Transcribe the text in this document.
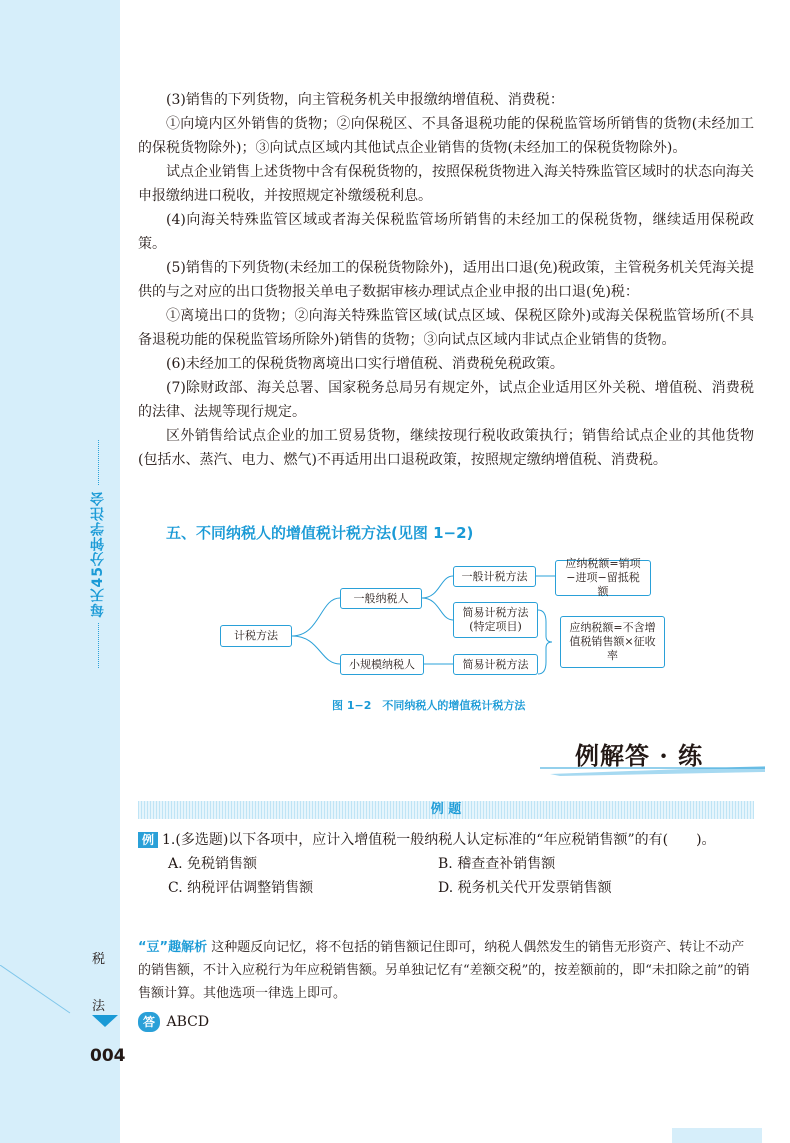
每天45分钟学注会
税
法
004

(3)销售的下列货物，向主管税务机关申报缴纳增值税、消费税：

①向境内区外销售的货物；②向保税区、不具备退税功能的保税监管场所销售的货物(未经加工的保税货物除外)；③向试点区域内其他试点企业销售的货物(未经加工的保税货物除外)。

试点企业销售上述货物中含有保税货物的，按照保税货物进入海关特殊监管区域时的状态向海关申报缴纳进口税收，并按照规定补缴缓税利息。

(4)向海关特殊监管区域或者海关保税监管场所销售的未经加工的保税货物，继续适用保税政策。

(5)销售的下列货物(未经加工的保税货物除外)，适用出口退(免)税政策，主管税务机关凭海关提供的与之对应的出口货物报关单电子数据审核办理试点企业申报的出口退(免)税：

①离境出口的货物；②向海关特殊监管区域(试点区域、保税区除外)或海关保税监管场所(不具备退税功能的保税监管场所除外)销售的货物；③向试点区域内非试点企业销售的货物。

(6)未经加工的保税货物离境出口实行增值税、消费税免税政策。

(7)除财政部、海关总署、国家税务总局另有规定外，试点企业适用区外关税、增值税、消费税的法律、法规等现行规定。

区外销售给试点企业的加工贸易货物，继续按现行税收政策执行；销售给试点企业的其他货物(包括水、蒸汽、电力、燃气)不再适用出口退税政策，按照规定缴纳增值税、消费税。

五、不同纳税人的增值税计税方法(见图 1−2)
计税方法
一般纳税人
小规模纳税人
一般计税方法
简易计税方法
(特定项目)
简易计税方法
应纳税额=销项−进项−留抵税额
应纳税额=不含增值税销售额×征收率
图 1−2　不同纳税人的增值税计税方法
例解答 · 练
例 题

例 1.(多选题)以下各项中，应计入增值税一般纳税人认定标准的“年应税销售额”的有(　　)。

A. 免税销售额	B. 稽查查补销售额
C. 纳税评估调整销售额	D. 税务机关代开发票销售额
“豆”趣解析 这种题反向记忆，将不包括的销售额记住即可，纳税人偶然发生的销售无形资产、转让不动产的销售额，不计入应税行为年应税销售额。另单独记忆有“差额交税”的，按差额前的，即“未扣除之前”的销售额计算。其他选项一律选上即可。
答 ABCD
